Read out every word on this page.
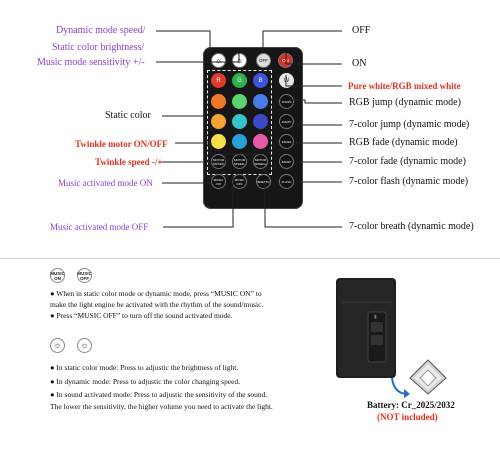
☼ ☼	OFF	ON
R	G	B	W
JUMP3
JUMP7
FADE3
MOTOR ON/OFF
MOTOR SPEED-
MOTOR SPEED+	FADE7
MUSIC ON
MUSIC OFF	BREATH	FLASH
Dynamic mode speed/
Static color brightness/
Music mode sensitivity +/-
Static color
Twinkle motor ON/OFF
Twinkle speed -/+
Music activated mode ON
Music activated mode OFF
OFF
ON
Pure white/RGB mixed white
RGB jump (dynamic mode)
7-color jump (dynamic mode)
RGB fade (dynamic mode)
7-color fade (dynamic mode)
7-color flash (dynamic mode)
7-color breath (dynamic mode)
MUSIC ON
MUSIC OFF
● When in static color mode or dynamic mode, press “MUSIC ON” to
make the light engine be activated with the rhythm of the sound/music.
● Press “MUSIC OFF” to turn off the sound activated mode.
☼	☼
● In static color mode: Press to adjustic the brightness of light.
● In dynamic mode: Press to adjustic the color changing speed.
● In sound activated mode: Press to adjustic the sensitivity of the sound.
The lower the sensitivity, the higher volume you need to activate the light.
▮
Battery: Cr_2025/2032
(NOT included)
